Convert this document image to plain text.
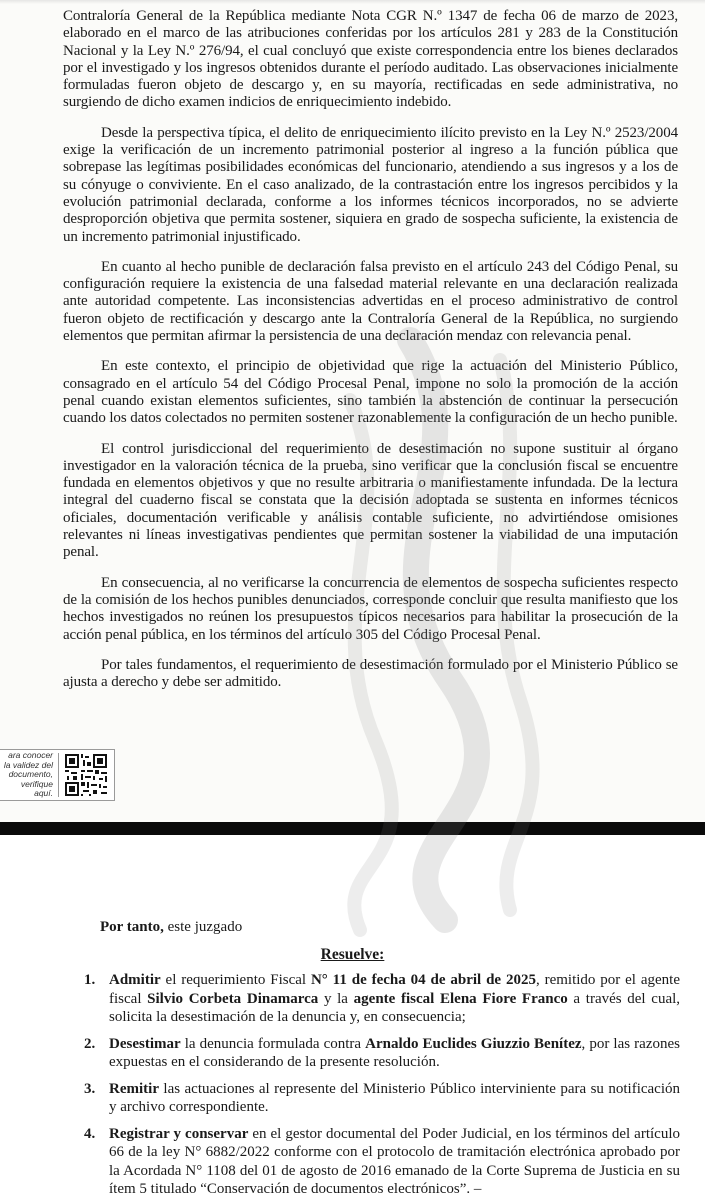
Contraloría General de la República mediante Nota CGR N.º 1347 de fecha 06 de marzo de 2023, elaborado en el marco de las atribuciones conferidas por los artículos 281 y 283 de la Constitución Nacional y la Ley N.º 276/94, el cual concluyó que existe correspondencia entre los bienes declarados por el investigado y los ingresos obtenidos durante el período auditado. Las observaciones inicialmente formuladas fueron objeto de descargo y, en su mayoría, rectificadas en sede administrativa, no surgiendo de dicho examen indicios de enriquecimiento indebido.

Desde la perspectiva típica, el delito de enriquecimiento ilícito previsto en la Ley N.º 2523/2004 exige la verificación de un incremento patrimonial posterior al ingreso a la función pública que sobrepase las legítimas posibilidades económicas del funcionario, atendiendo a sus ingresos y a los de su cónyuge o conviviente. En el caso analizado, de la contrastación entre los ingresos percibidos y la evolución patrimonial declarada, conforme a los informes técnicos incorporados, no se advierte desproporción objetiva que permita sostener, siquiera en grado de sospecha suficiente, la existencia de un incremento patrimonial injustificado.

En cuanto al hecho punible de declaración falsa previsto en el artículo 243 del Código Penal, su configuración requiere la existencia de una falsedad material relevante en una declaración realizada ante autoridad competente. Las inconsistencias advertidas en el proceso administrativo de control fueron objeto de rectificación y descargo ante la Contraloría General de la República, no surgiendo elementos que permitan afirmar la persistencia de una declaración mendaz con relevancia penal.

En este contexto, el principio de objetividad que rige la actuación del Ministerio Público, consagrado en el artículo 54 del Código Procesal Penal, impone no solo la promoción de la acción penal cuando existan elementos suficientes, sino también la abstención de continuar la persecución cuando los datos colectados no permiten sostener razonablemente la configuración de un hecho punible.

El control jurisdiccional del requerimiento de desestimación no supone sustituir al órgano investigador en la valoración técnica de la prueba, sino verificar que la conclusión fiscal se encuentre fundada en elementos objetivos y que no resulte arbitraria o manifiestamente infundada. De la lectura integral del cuaderno fiscal se constata que la decisión adoptada se sustenta en informes técnicos oficiales, documentación verificable y análisis contable suficiente, no advirtiéndose omisiones relevantes ni líneas investigativas pendientes que permitan sostener la viabilidad de una imputación penal.

En consecuencia, al no verificarse la concurrencia de elementos de sospecha suficientes respecto de la comisión de los hechos punibles denunciados, corresponde concluir que resulta manifiesto que los hechos investigados no reúnen los presupuestos típicos necesarios para habilitar la prosecución de la acción penal pública, en los términos del artículo 305 del Código Procesal Penal.

Por tales fundamentos, el requerimiento de desestimación formulado por el Ministerio Público se ajusta a derecho y debe ser admitido.

ara conocer la validez del documento, verifique aquí.
Por tanto, este juzgado
Resuelve:
1. Admitir el requerimiento Fiscal N° 11 de fecha 04 de abril de 2025, remitido por el agente fiscal Silvio Corbeta Dinamarca y la agente fiscal Elena Fiore Franco a través del cual, solicita la desestimación de la denuncia y, en consecuencia;
2. Desestimar la denuncia formulada contra Arnaldo Euclides Giuzzio Benítez, por las razones expuestas en el considerando de la presente resolución.
3. Remitir las actuaciones al represente del Ministerio Público interviniente para su notificación y archivo correspondiente.
4. Registrar y conservar en el gestor documental del Poder Judicial, en los términos del artículo 66 de la ley N° 6882/2022 conforme con el protocolo de tramitación electrónica aprobado por la Acordada N° 1108 del 01 de agosto de 2016 emanado de la Corte Suprema de Justicia en su ítem 5 titulado “Conservación de documentos electrónicos”. –
